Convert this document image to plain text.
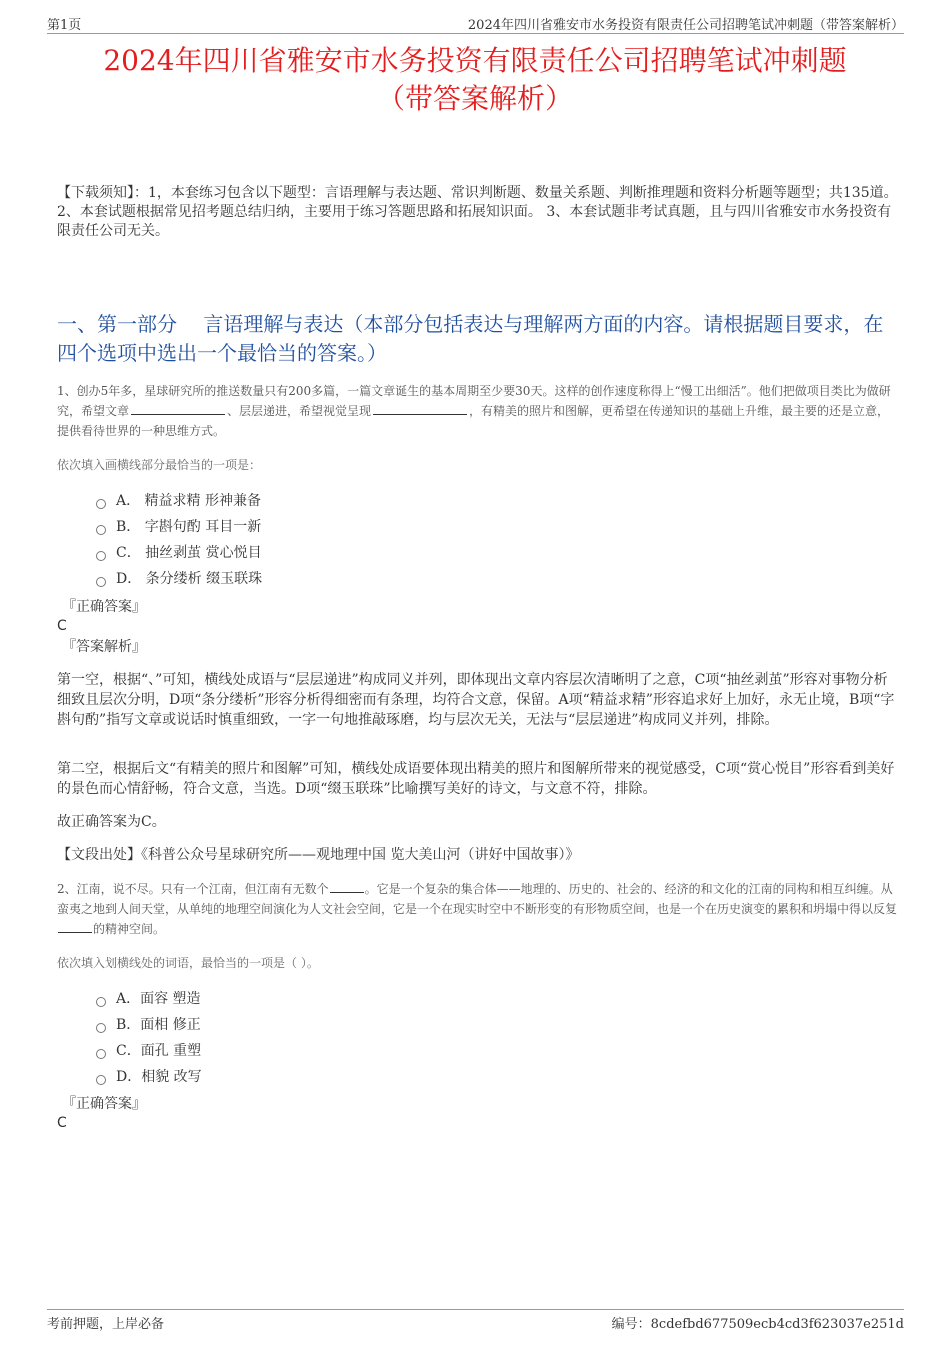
第1页	2024年四川省雅安市水务投资有限责任公司招聘笔试冲刺题（带答案解析）
2024年四川省雅安市水务投资有限责任公司招聘笔试冲刺题
（带答案解析）
【下载须知】：1，本套练习包含以下题型：言语理解与表达题、常识判断题、数量关系题、判断推理题和资料分析题等题型；共135道。 2、本套试题根据常见招考题总结归纳，主要用于练习答题思路和拓展知识面。 3、本套试题非考试真题，且与四川省雅安市水务投资有限责任公司无关。
一、第一部分　 言语理解与表达（本部分包括表达与理解两方面的内容。请根据题目要求，在四个选项中选出一个最恰当的答案。）
1、创办5年多，星球研究所的推送数量只有200多篇，一篇文章诞生的基本周期至少要30天。这样的创作速度称得上“慢工出细活”。他们把做项目类比为做研究，希望文章	、层层递进，希望视觉呈现	，有精美的照片和图解，更希望在传递知识的基础上升维，最主要的还是立意，提供看待世界的一种思维方式。
依次填入画横线部分最恰当的一项是：
A． 精益求精 形神兼备
B． 字斟句酌 耳目一新
C． 抽丝剥茧 赏心悦目
D． 条分缕析 缀玉联珠
『正确答案』
C
『答案解析』
第一空，根据“、”可知，横线处成语与“层层递进”构成同义并列，即体现出文章内容层次清晰明了之意，C项“抽丝剥茧”形容对事物分析细致且层次分明，D项“条分缕析”形容分析得细密而有条理，均符合文意，保留。A项“精益求精”形容追求好上加好，永无止境，B项“字斟句酌”指写文章或说话时慎重细致，一字一句地推敲琢磨，均与层次无关，无法与“层层递进”构成同义并列，排除。
第二空，根据后文“有精美的照片和图解”可知，横线处成语要体现出精美的照片和图解所带来的视觉感受，C项“赏心悦目”形容看到美好的景色而心情舒畅，符合文意，当选。D项“缀玉联珠”比喻撰写美好的诗文，与文意不符，排除。
故正确答案为C。
【文段出处】《科普公众号星球研究所——观地理中国 览大美山河（讲好中国故事）》
2、江南，说不尽。只有一个江南，但江南有无数个	。它是一个复杂的集合体——地理的、历史的、社会的、经济的和文化的江南的同构和相互纠缠。从蛮夷之地到人间天堂，从单纯的地理空间演化为人文社会空间，它是一个在现实时空中不断形变的有形物质空间，也是一个在历史演变的累积和坍塌中得以反复的精神空间。
依次填入划横线处的词语，最恰当的一项是（ ）。
A．面容 塑造
B．面相 修正
C．面孔 重塑
D．相貌 改写
『正确答案』
C
考前押题，上岸必备	编号：8cdefbd677509ecb4cd3f623037e251d
